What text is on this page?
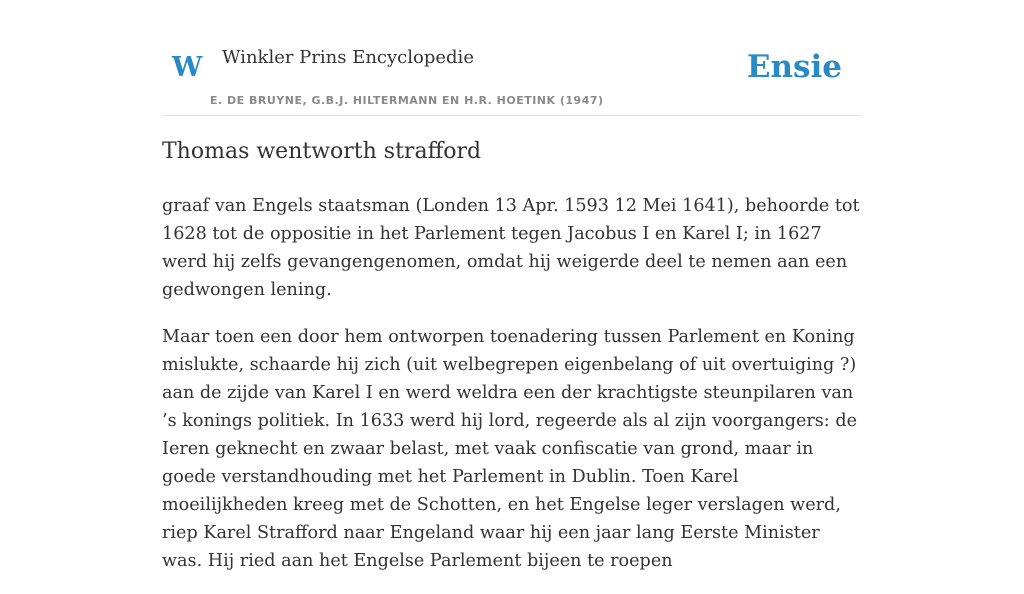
W Winkler Prins Encyclopedie
E. DE BRUYNE, G.B.J. HILTERMANN EN H.R. HOETINK (1947)
Ensie
Thomas wentworth strafford

graaf van Engels staatsman (Londen 13 Apr. 1593 12 Mei 1641), behoorde tot 1628 tot de oppositie in het Parlement tegen Jacobus I en Karel I; in 1627 werd hij zelfs gevangengenomen, omdat hij weigerde deel te nemen aan een gedwongen lening.

Maar toen een door hem ontworpen toenadering tussen Parlement en Koning mislukte, schaarde hij zich (uit welbegrepen eigenbelang of uit overtuiging ?) aan de zijde van Karel I en werd weldra een der krachtigste steunpilaren van ’s konings politiek. In 1633 werd hij lord, regeerde als al zijn voorgangers: de Ieren geknecht en zwaar belast, met vaak confiscatie van grond, maar in goede verstandhouding met het Parlement in Dublin. Toen Karel moeilijkheden kreeg met de Schotten, en het Engelse leger verslagen werd, riep Karel Strafford naar Engeland waar hij een jaar lang Eerste Minister was. Hij ried aan het Engelse Parlement bijeen te roepen
